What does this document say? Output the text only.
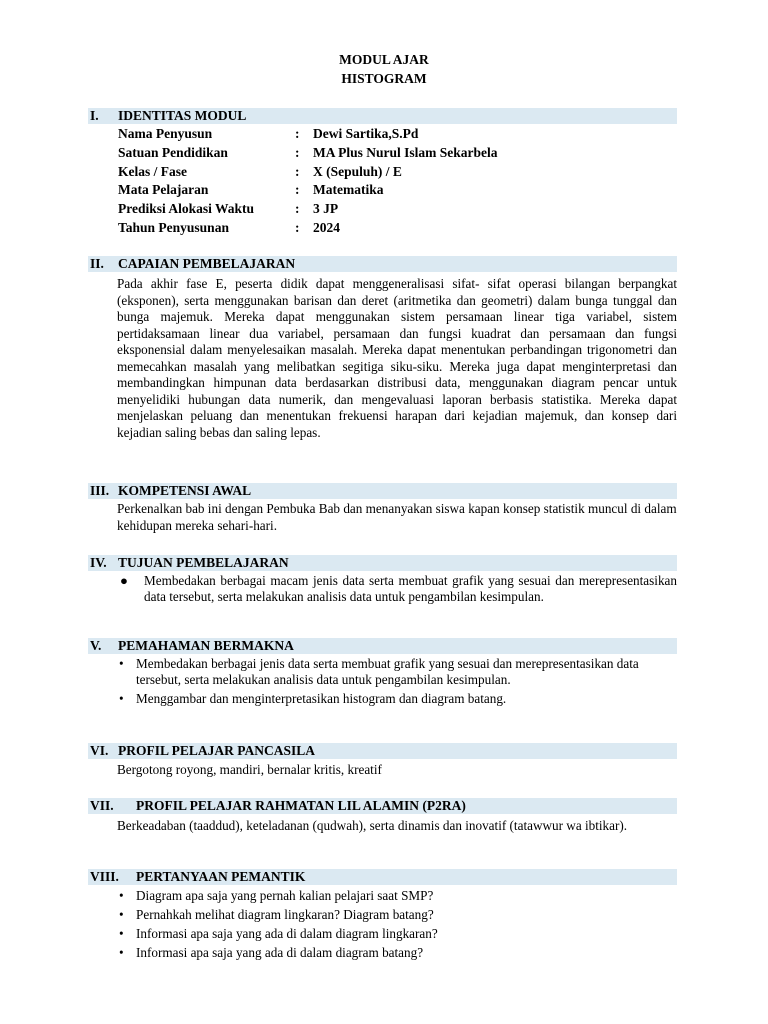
MODUL AJAR
HISTOGRAM
I. IDENTITAS MODUL
Nama Penyusun	: Dewi Sartika,S.Pd
Satuan Pendidikan	: MA Plus Nurul Islam Sekarbela
Kelas / Fase	: X (Sepuluh) / E
Mata Pelajaran	: Matematika
Prediksi Alokasi Waktu	: 3 JP
Tahun Penyusunan	: 2024
II. CAPAIAN PEMBELAJARAN
Pada akhir fase E, peserta didik dapat menggeneralisasi sifat- sifat operasi bilangan berpangkat (eksponen), serta menggunakan barisan dan deret (aritmetika dan geometri) dalam bunga tunggal dan bunga majemuk. Mereka dapat menggunakan sistem persamaan linear tiga variabel, sistem pertidaksamaan linear dua variabel, persamaan dan fungsi kuadrat dan persamaan dan fungsi eksponensial dalam menyelesaikan masalah. Mereka dapat menentukan perbandingan trigonometri dan memecahkan masalah yang melibatkan segitiga siku-siku. Mereka juga dapat menginterpretasi dan membandingkan himpunan data berdasarkan distribusi data, menggunakan diagram pencar untuk menyelidiki hubungan data numerik, dan mengevaluasi laporan berbasis statistika. Mereka dapat menjelaskan peluang dan menentukan frekuensi harapan dari kejadian majemuk, dan konsep dari kejadian saling bebas dan saling lepas.
III. KOMPETENSI AWAL
Perkenalkan bab ini dengan Pembuka Bab dan menanyakan siswa kapan konsep statistik muncul di dalam kehidupan mereka sehari-hari.
IV. TUJUAN PEMBELAJARAN
● Membedakan berbagai macam jenis data serta membuat grafik yang sesuai dan merepresentasikan data tersebut, serta melakukan analisis data untuk pengambilan kesimpulan.
V. PEMAHAMAN BERMAKNA
• Membedakan berbagai jenis data serta membuat grafik yang sesuai dan merepresentasikan data tersebut, serta melakukan analisis data untuk pengambilan kesimpulan.
• Menggambar dan menginterpretasikan histogram dan diagram batang.
VI. PROFIL PELAJAR PANCASILA
Bergotong royong, mandiri, bernalar kritis, kreatif
VII. PROFIL PELAJAR RAHMATAN LIL ALAMIN (P2RA)
Berkeadaban (taaddud), keteladanan (qudwah), serta dinamis dan inovatif (tatawwur wa ibtikar).
VIII. PERTANYAAN PEMANTIK
• Diagram apa saja yang pernah kalian pelajari saat SMP?
• Pernahkah melihat diagram lingkaran? Diagram batang?
• Informasi apa saja yang ada di dalam diagram lingkaran?
• Informasi apa saja yang ada di dalam diagram batang?
